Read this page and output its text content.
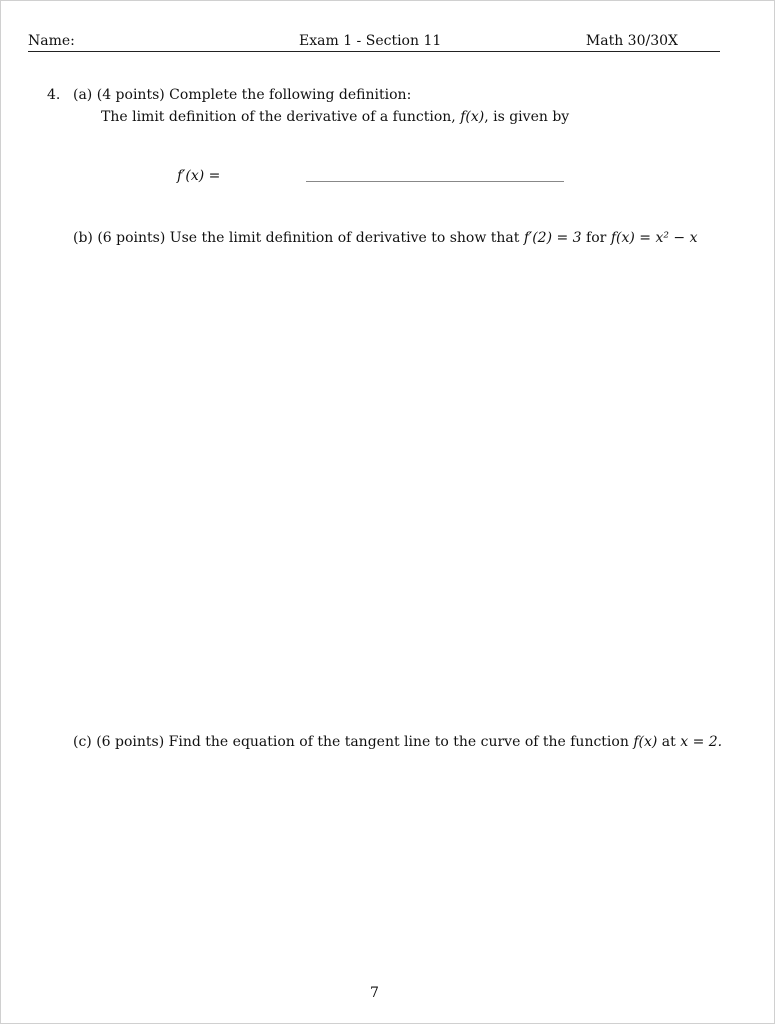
Name:	Exam 1 - Section 11	Math 30/30X
4. (a) (4 points) Complete the following definition:
The limit definition of the derivative of a function, f(x), is given by
f′(x) =
(b) (6 points) Use the limit definition of derivative to show that f′(2) = 3 for f(x) = x² − x
(c) (6 points) Find the equation of the tangent line to the curve of the function f(x) at x = 2.
7
